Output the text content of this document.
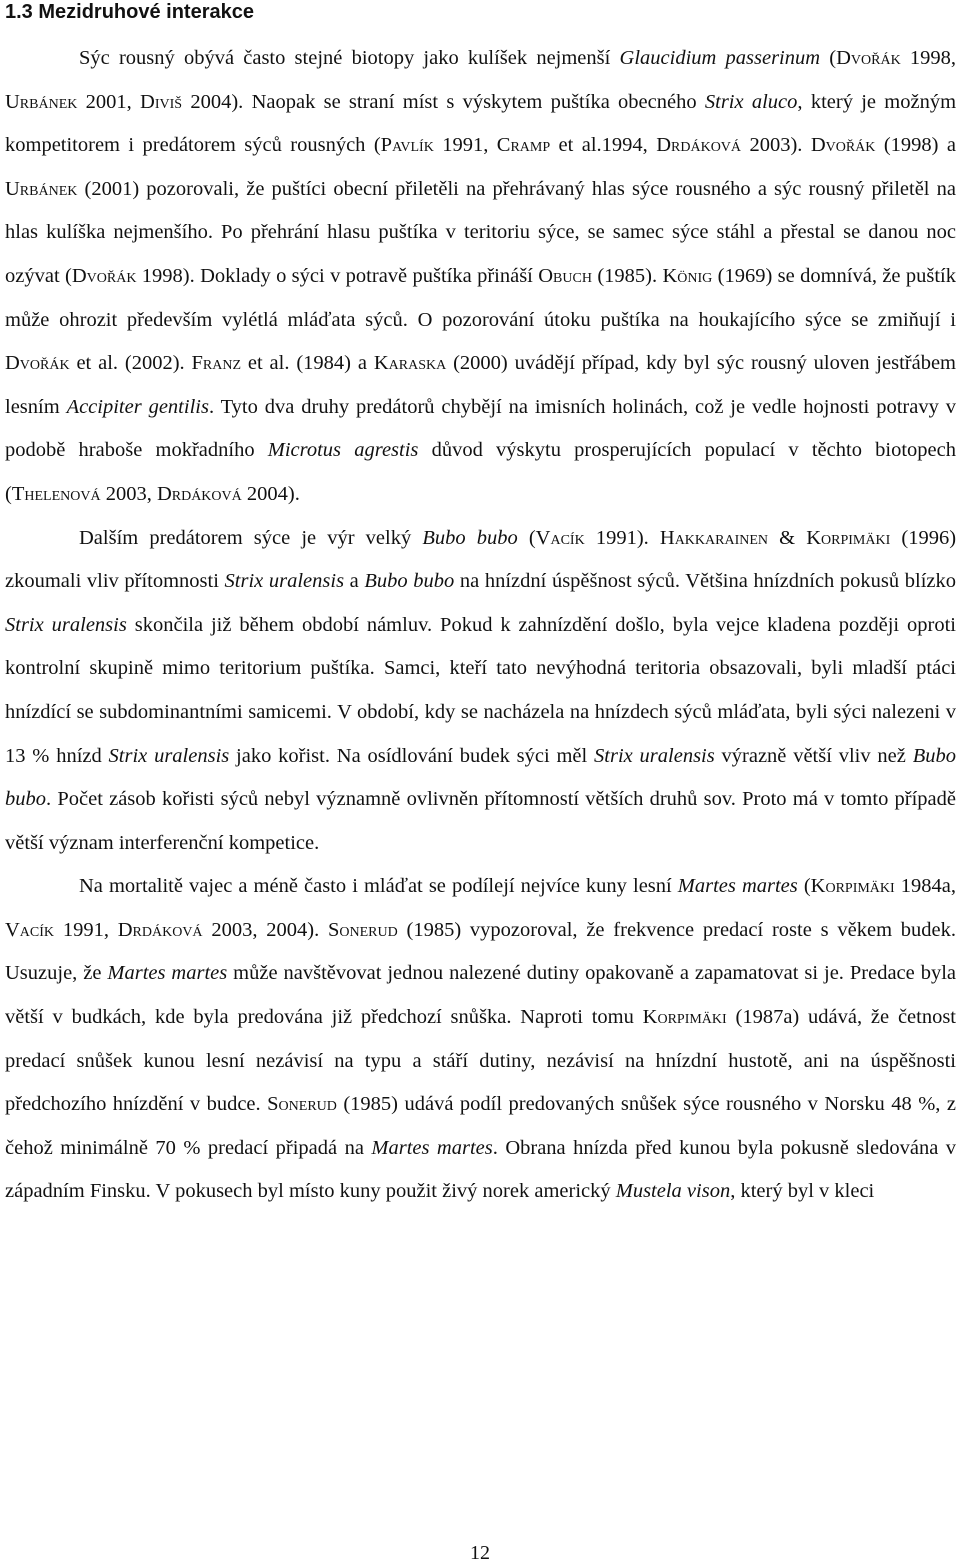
1.3 Mezidruhové interakce

Sýc rousný obývá často stejné biotopy jako kulíšek nejmenší Glaucidium passerinum (Dvořák 1998, Urbánek 2001, Diviš 2004). Naopak se straní míst s výskytem puštíka obecného Strix aluco, který je možným kompetitorem i predátorem sýců rousných (Pavlík 1991, Cramp et al.1994, Drdáková 2003). Dvořák (1998) a Urbánek (2001) pozorovali, že puštíci obecní přiletěli na přehrávaný hlas sýce rousného a sýc rousný přiletěl na hlas kulíška nejmenšího. Po přehrání hlasu puštíka v teritoriu sýce, se samec sýce stáhl a přestal se danou noc ozývat (Dvořák 1998). Doklady o sýci v potravě puštíka přináší Obuch (1985). König (1969) se domnívá, že puštík může ohrozit především vylétlá mláďata sýců. O pozorování útoku puštíka na houkajícího sýce se zmiňují i Dvořák et al. (2002). Franz et al. (1984) a Karaska (2000) uvádějí případ, kdy byl sýc rousný uloven jestřábem lesním Accipiter gentilis. Tyto dva druhy predátorů chybějí na imisních holinách, což je vedle hojnosti potravy v podobě hraboše mokřadního Microtus agrestis důvod výskytu prosperujících populací v těchto biotopech (Thelenová 2003, Drdáková 2004).

Dalším predátorem sýce je výr velký Bubo bubo (Vacík 1991). Hakkarainen & Korpimäki (1996) zkoumali vliv přítomnosti Strix uralensis a Bubo bubo na hnízdní úspěšnost sýců. Většina hnízdních pokusů blízko Strix uralensis skončila již během období námluv. Pokud k zahnízdění došlo, byla vejce kladena později oproti kontrolní skupině mimo teritorium puštíka. Samci, kteří tato nevýhodná teritoria obsazovali, byli mladší ptáci hnízdící se subdominantními samicemi. V období, kdy se nacházela na hnízdech sýců mláďata, byli sýci nalezeni v 13 % hnízd Strix uralensis jako kořist. Na osídlování budek sýci měl Strix uralensis výrazně větší vliv než Bubo bubo. Počet zásob kořisti sýců nebyl významně ovlivněn přítomností větších druhů sov. Proto má v tomto případě větší význam interferenční kompetice.

Na mortalitě vajec a méně často i mláďat se podílejí nejvíce kuny lesní Martes martes (Korpimäki 1984a, Vacík 1991, Drdáková 2003, 2004). Sonerud (1985) vypozoroval, že frekvence predací roste s věkem budek. Usuzuje, že Martes martes může navštěvovat jednou nalezené dutiny opakovaně a zapamatovat si je. Predace byla větší v budkách, kde byla predována již předchozí snůška. Naproti tomu Korpimäki (1987a) udává, že četnost predací snůšek kunou lesní nezávisí na typu a stáří dutiny, nezávisí na hnízdní hustotě, ani na úspěšnosti předchozího hnízdění v budce. Sonerud (1985) udává podíl predovaných snůšek sýce rousného v Norsku 48 %, z čehož minimálně 70 % predací připadá na Martes martes. Obrana hnízda před kunou byla pokusně sledována v západním Finsku. V pokusech byl místo kuny použit živý norek americký Mustela vison, který byl v kleci

12
